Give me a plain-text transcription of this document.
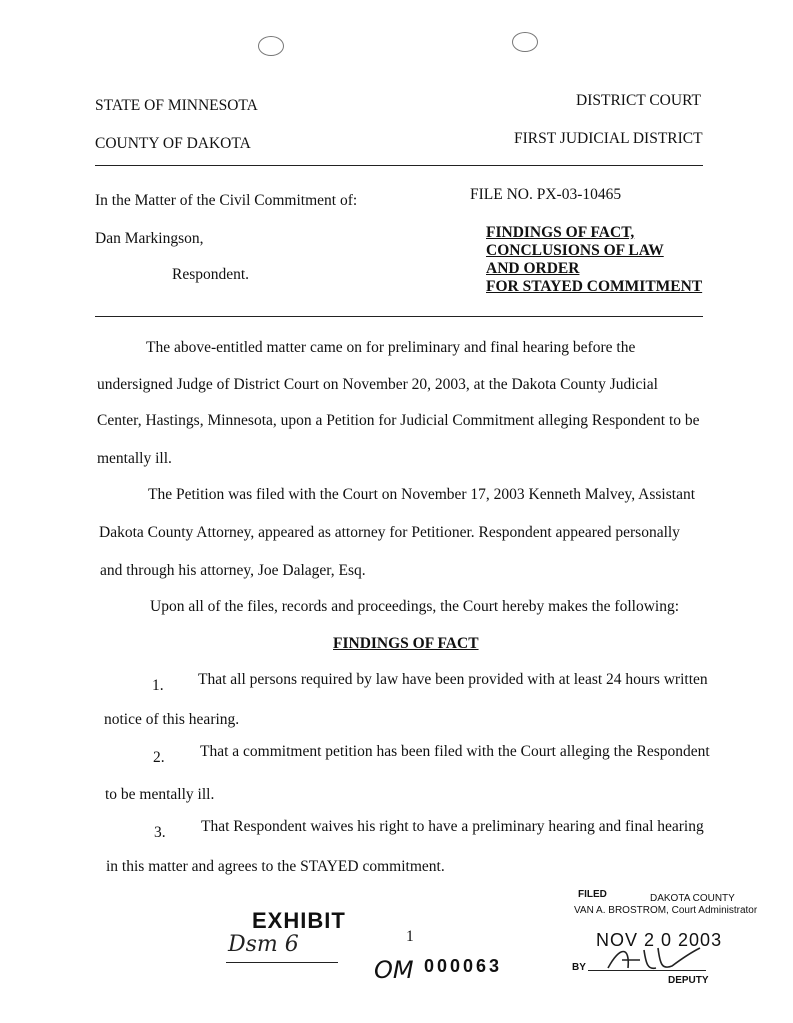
STATE OF MINNESOTA
COUNTY OF DAKOTA
DISTRICT COURT
FIRST JUDICIAL DISTRICT
In the Matter of the Civil Commitment of:
Dan Markingson,
Respondent.
FILE NO. PX-03-10465
FINDINGS OF FACT,
CONCLUSIONS OF LAW
AND ORDER
FOR STAYED COMMITMENT
The above-entitled matter came on for preliminary and final hearing before the
undersigned Judge of District Court on November 20, 2003, at the Dakota County Judicial
Center, Hastings, Minnesota, upon a Petition for Judicial Commitment alleging Respondent to be
mentally ill.
The Petition was filed with the Court on November 17, 2003 Kenneth Malvey, Assistant
Dakota County Attorney, appeared as attorney for Petitioner. Respondent appeared personally
and through his attorney, Joe Dalager, Esq.
Upon all of the files, records and proceedings, the Court hereby makes the following:
FINDINGS OF FACT
1. That all persons required by law have been provided with at least 24 hours written
notice of this hearing.
2. That a commitment petition has been filed with the Court alleging the Respondent
to be mentally ill.
3. That Respondent waives his right to have a preliminary hearing and final hearing
in this matter and agrees to the STAYED commitment.
1
EXHIBIT
Dsm 6
OM 000063
FILED	DAKOTA COUNTY
VAN A. BROSTROM, Court Administrator
NOV 2 0 2003
BY
DEPUTY
